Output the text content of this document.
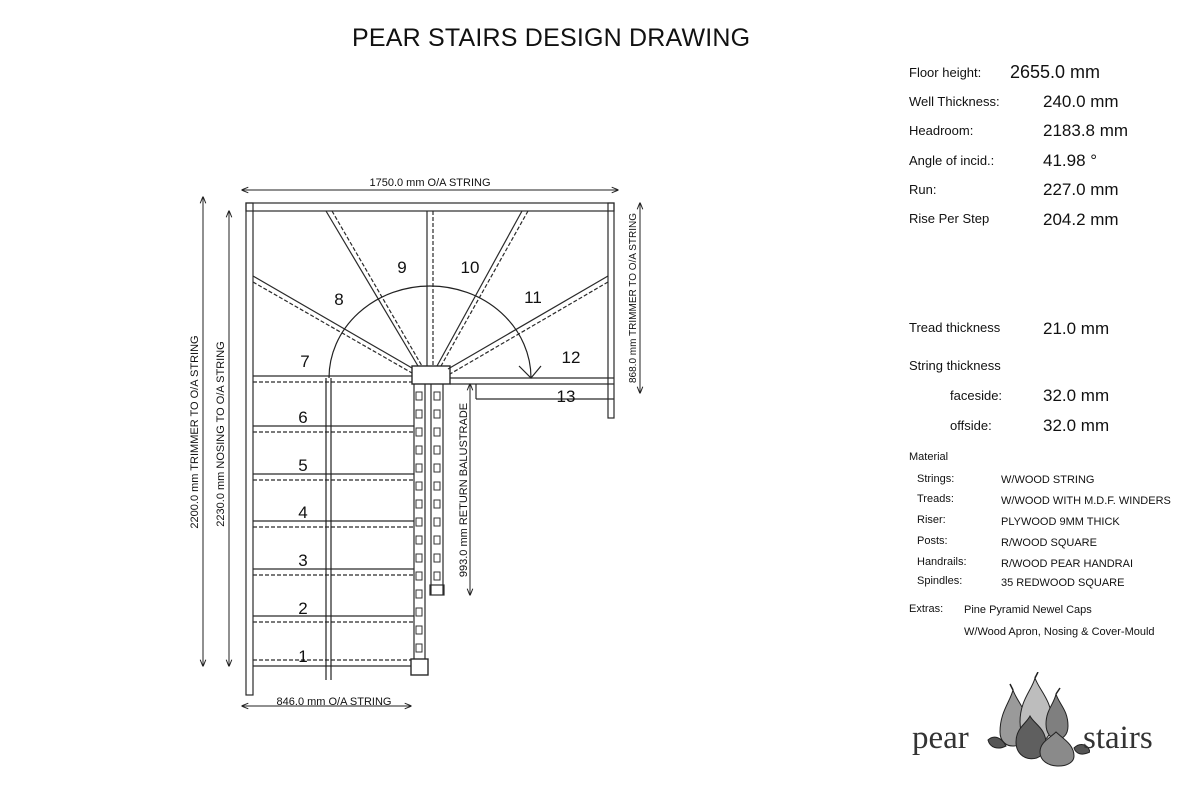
PEAR STAIRS DESIGN DRAWING
1750.0 mm O/A STRING
846.0 mm O/A STRING
2200.0 mm TRIMMER TO O/A STRING 2230.0 mm NOSING TO O/A STRING
868.0 mm TRIMMER TO O/A STRING
993.0 mm RETURN BALUSTRADE
1
2
3
4
5
6
7
8
9	10
11
12
13
Floor height: 2655.0 mm
Well Thickness:	240.0 mm
Headroom:	2183.8 mm
Angle of incid.:	41.98 °
Run:	227.0 mm
Rise Per Step	204.2 mm
Tread thickness	21.0 mm
String thickness
faceside: 32.0 mm
offside:	32.0 mm
Material
Strings:	W/WOOD STRING
Treads:	W/WOOD WITH M.D.F. WINDERS
Riser:	PLYWOOD 9MM THICK
Posts:	R/WOOD SQUARE
Handrails:	R/WOOD PEAR HANDRAI
Spindles:	35 REDWOOD SQUARE
Extras: Pine Pyramid Newel Caps
W/Wood Apron, Nosing & Cover-Mould
pear	stairs
